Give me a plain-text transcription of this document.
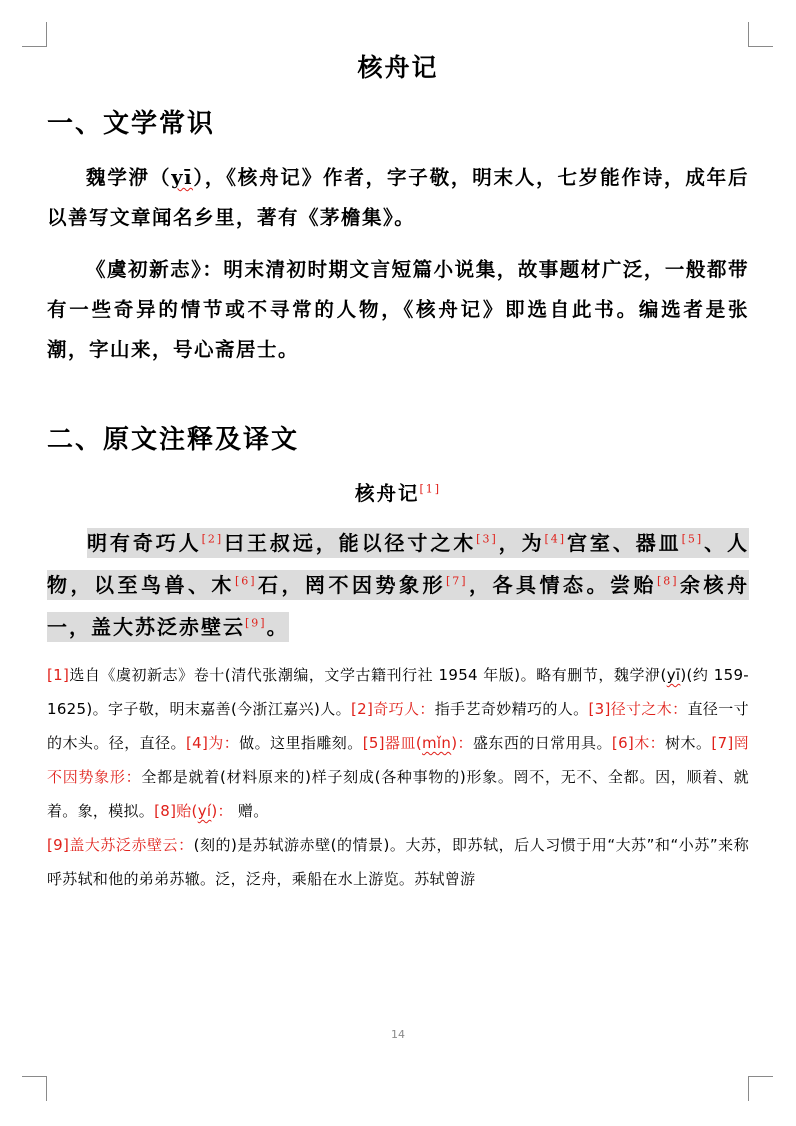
核舟记
一、文学常识
魏学洢（yī），《核舟记》作者，字子敬，明末人，七岁能作诗，成年后以善写文章闻名乡里，著有《茅檐集》。
《虞初新志》：明末清初时期文言短篇小说集，故事题材广泛，一般都带有一些奇异的情节或不寻常的人物，《核舟记》即选自此书。编选者是张潮，字山来，号心斋居士。
二、原文注释及译文
核舟记[1]
明有奇巧人[2]曰王叔远，能以径寸之木[3]，为[4]宫室、器皿[5]、人物，以至鸟兽、木[6]石，罔不因势象形[7]，各具情态。尝贻[8]余核舟一，盖大苏泛赤壁云[9]。
[1]选自《虞初新志》卷十(清代张潮编，文学古籍刊行社 1954 年版)。略有删节，魏学洢(yī)(约 159-1625)。字子敬，明末嘉善(今浙江嘉兴)人。[2]奇巧人：指手艺奇妙精巧的人。[3]径寸之木：直径一寸的木头。径，直径。[4]为：做。这里指雕刻。[5]器皿(mǐn)：盛东西的日常用具。[6]木：树木。[7]罔不因势象形：全都是就着(材料原来的)样子刻成(各种事物的)形象。罔不，无不、全都。因，顺着、就着。象，模拟。[8]贻(yí)： 赠。
[9]盖大苏泛赤壁云：(刻的)是苏轼游赤壁(的情景)。大苏，即苏轼，后人习惯于用“大苏”和“小苏”来称呼苏轼和他的弟弟苏辙。泛，泛舟，乘船在水上游览。苏轼曾游
14
